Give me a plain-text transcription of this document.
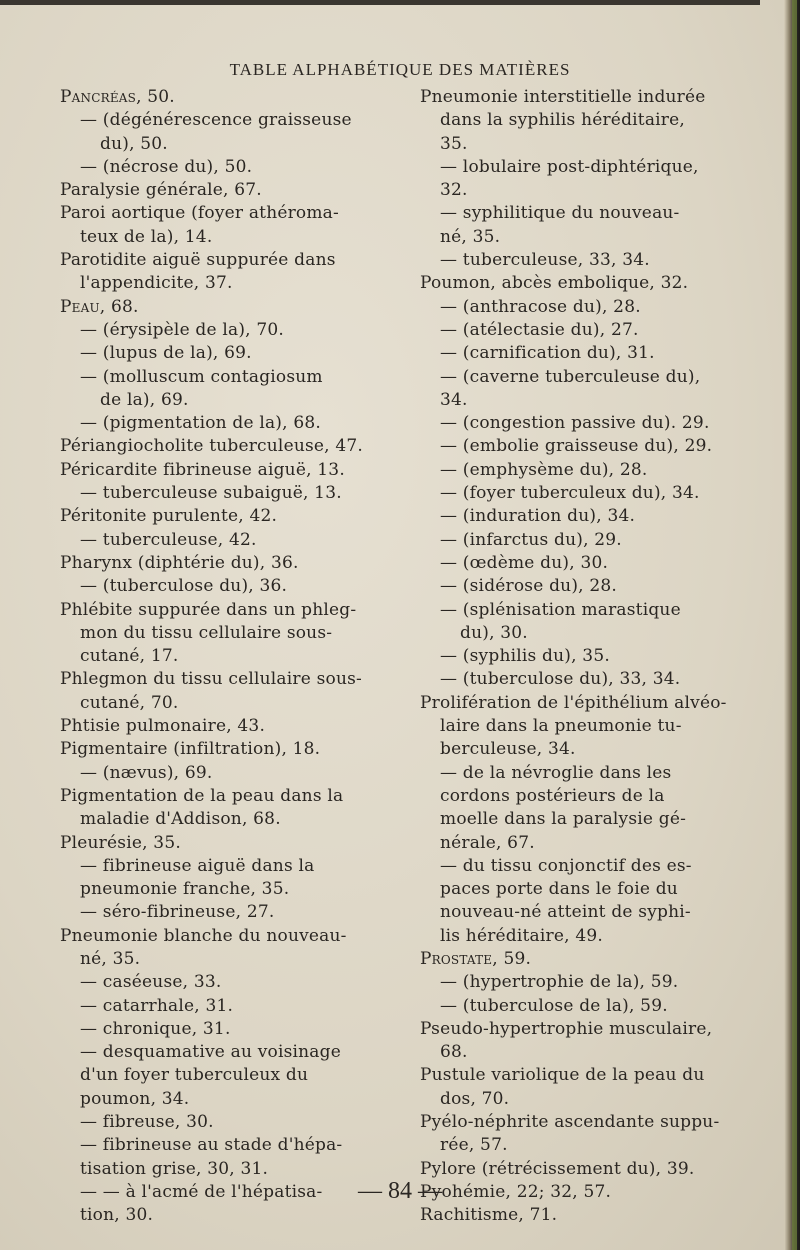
TABLE ALPHABÉTIQUE DES MATIÈRES
Pancréas, 50.
— (dégénérescence graisseuse
du), 50.
— (nécrose du), 50.
Paralysie générale, 67.
Paroi aortique (foyer athéroma-
teux de la), 14.
Parotidite aiguë suppurée dans
l'appendicite, 37.
Peau, 68.
— (érysipèle de la), 70.
— (lupus de la), 69.
— (molluscum contagiosum
de la), 69.
— (pigmentation de la), 68.
Périangiocholite tuberculeuse, 47.
Péricardite fibrineuse aiguë, 13.
— tuberculeuse subaiguë, 13.
Péritonite purulente, 42.
— tuberculeuse, 42.
Pharynx (diphtérie du), 36.
— (tuberculose du), 36.
Phlébite suppurée dans un phleg-
mon du tissu cellulaire sous-
cutané, 17.
Phlegmon du tissu cellulaire sous-
cutané, 70.
Phtisie pulmonaire, 43.
Pigmentaire (infiltration), 18.
— (nævus), 69.
Pigmentation de la peau dans la
maladie d'Addison, 68.
Pleurésie, 35.
— fibrineuse aiguë dans la
pneumonie franche, 35.
— séro-fibrineuse, 27.
Pneumonie blanche du nouveau-
né, 35.
— caséeuse, 33.
— catarrhale, 31.
— chronique, 31.
— desquamative au voisinage
d'un foyer tuberculeux du
poumon, 34.
— fibreuse, 30.
— fibrineuse au stade d'hépa-
tisation grise, 30, 31.
— — à l'acmé de l'hépatisa-
tion, 30.
Pneumonie interstitielle indurée
dans la syphilis héréditaire,
35.
— lobulaire post-diphtérique,
32.
— syphilitique du nouveau-
né, 35.
— tuberculeuse, 33, 34.
Poumon, abcès embolique, 32.
— (anthracose du), 28.
— (atélectasie du), 27.
— (carnification du), 31.
— (caverne tuberculeuse du),
34.
— (congestion passive du). 29.
— (embolie graisseuse du), 29.
— (emphysème du), 28.
— (foyer tuberculeux du), 34.
— (induration du), 34.
— (infarctus du), 29.
— (œdème du), 30.
— (sidérose du), 28.
— (splénisation marastique
du), 30.
— (syphilis du), 35.
— (tuberculose du), 33, 34.
Prolifération de l'épithélium alvéo-
laire dans la pneumonie tu-
berculeuse, 34.
— de la névroglie dans les
cordons postérieurs de la
moelle dans la paralysie gé-
nérale, 67.
— du tissu conjonctif des es-
paces porte dans le foie du
nouveau-né atteint de syphi-
lis héréditaire, 49.
Prostate, 59.
— (hypertrophie de la), 59.
— (tuberculose de la), 59.
Pseudo-hypertrophie musculaire,
68.
Pustule variolique de la peau du
dos, 70.
Pyélo-néphrite ascendante suppu-
rée, 57.
Pylore (rétrécissement du), 39.
Pyohémie, 22; 32, 57.
Rachitisme, 71.
— 84 —
